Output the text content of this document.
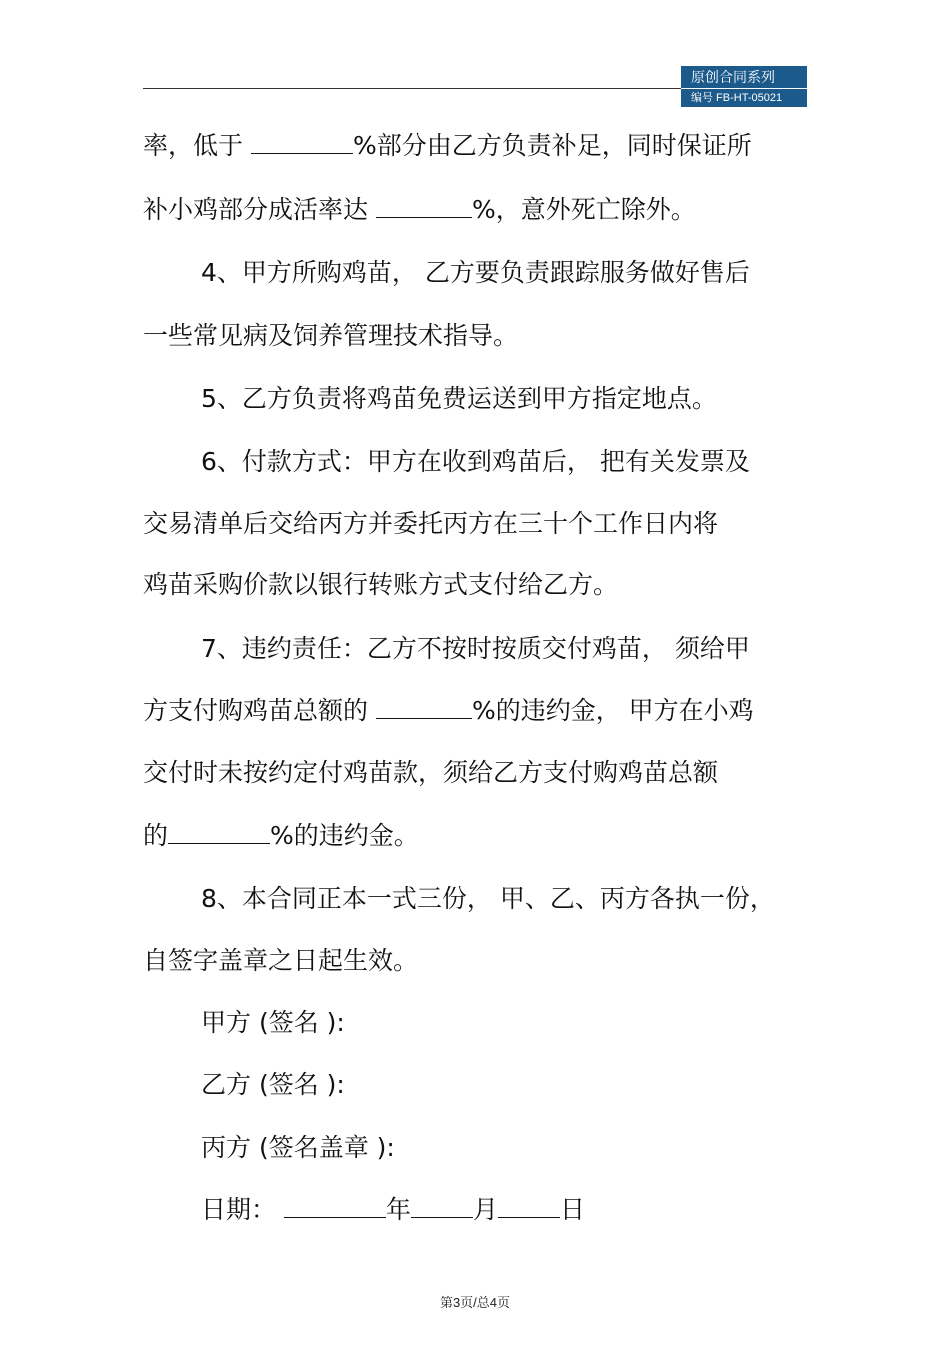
原创合同系列
编号 FB-HT-05021
率，低于	%部分由乙方负责补足，同时保证所
补小鸡部分成活率达	%，意外死亡除外。
4、甲方所购鸡苗， 乙方要负责跟踪服务做好售后
一些常见病及饲养管理技术指导。
5、乙方负责将鸡苗免费运送到甲方指定地点。
6、付款方式：甲方在收到鸡苗后， 把有关发票及
交易清单后交给丙方并委托丙方在三十个工作日内将
鸡苗采购价款以银行转账方式支付给乙方。
7、违约责任：乙方不按时按质交付鸡苗， 须给甲
方支付购鸡苗总额的	%的违约金， 甲方在小鸡
交付时未按约定付鸡苗款，须给乙方支付购鸡苗总额
的	%的违约金。
8、本合同正本一式三份， 甲、乙、丙方各执一份，
自签字盖章之日起生效。
甲方 (签名 ):
乙方 (签名 ):
丙方 (签名盖章 ):
日期：	年 月 日
第3页/总4页
